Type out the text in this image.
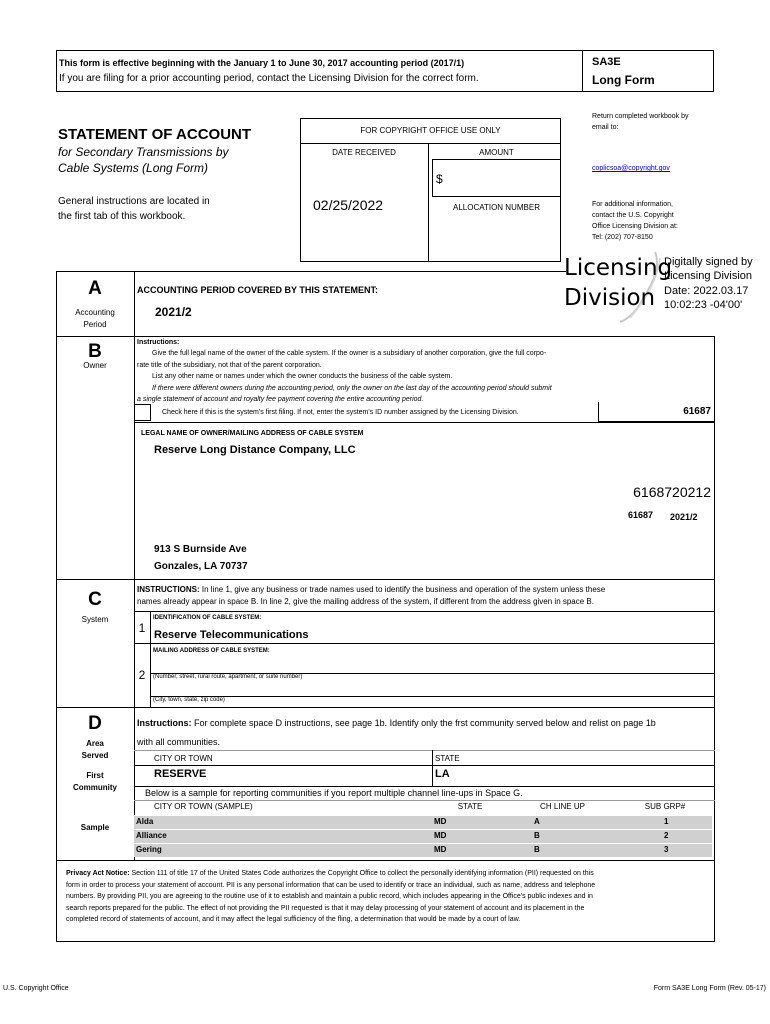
This form is effective beginning with the January 1 to June 30, 2017 accounting period (2017/1)
If you are filing for a prior accounting period, contact the Licensing Division for the correct form.
SA3E
Long Form
STATEMENT OF ACCOUNT
for Secondary Transmissions by
Cable Systems (Long Form)
General instructions are located in
the first tab of this workbook.
FOR COPYRIGHT OFFICE USE ONLY
DATE RECEIVED	AMOUNT
$
02/25/2022	ALLOCATION NUMBER
Return completed workbook by
email to:
coplicsoa@copyright.gov
For additional information,
contact the U.S. Copyright
Office Licensing Division at:
Tel: (202) 707-8150
Licensing
Division
Digitally signed by
Licensing Division
Date: 2022.03.17
10:02:23 -04'00'
A
Accounting
Period
ACCOUNTING PERIOD COVERED BY THIS STATEMENT:
2021/2
B
Owner
Instructions:
Give the full legal name of the owner of the cable system. If the owner is a subsidiary of another corporation, give the full corpo-
rate title of the subsidiary, not that of the parent corporation.
List any other name or names under which the owner conducts the business of the cable system.
If there were different owners during the accounting period, only the owner on the last day of the accounting period should submit
a single statement of account and royalty fee payment covering the entire accounting period.
Check here if this is the system's first filing. If not, enter the system's ID number assigned by the Licensing Division.	61687
LEGAL NAME OF OWNER/MAILING ADDRESS OF CABLE SYSTEM
Reserve Long Distance Company, LLC
6168720212
61687 2021/2
913 S Burnside Ave
Gonzales, LA 70737
C
System
INSTRUCTIONS: In line 1, give any business or trade names used to identify the business and operation of the system unless these
names already appear in space B. In line 2, give the mailing address of the system, if different from the address given in space B.
1
IDENTIFICATION OF CABLE SYSTEM:
Reserve Telecommunications
MAILING ADDRESS OF CABLE SYSTEM:
2	(Number, street, rural route, apartment, or suite number)
(City, town, state, zip code)
D
Area
Served
First
Community
Sample
Instructions: For complete space D instructions, see page 1b. Identify only the frst community served below and relist on page 1b
with all communities.
CITY OR TOWN	STATE
RESERVE	LA
Below is a sample for reporting communities if you report multiple channel line-ups in Space G.
CITY OR TOWN (SAMPLE)	STATE	CH LINE UP	SUB GRP#
Alda	MD	A	1
Alliance	MD	B	2
Gering	MD	B	3
Privacy Act Notice: Section 111 of title 17 of the United States Code authorizes the Copyright Office to collect the personally identifying information (PII) requested on this
form in order to process your statement of account. PII is any personal information that can be used to identify or trace an individual, such as name, address and telephone
numbers. By providing PII, you are agreeing to the routine use of it to establish and maintain a public record, which includes appearing in the Office's public indexes and in
search reports prepared for the public. The effect of not providing the PII requested is that it may delay processing of your statement of account and its placement in the
completed record of statements of account, and it may affect the legal sufficiency of the fling, a determination that would be made by a court of law.
U.S. Copyright Office	Form SA3E Long Form (Rev. 05-17)
